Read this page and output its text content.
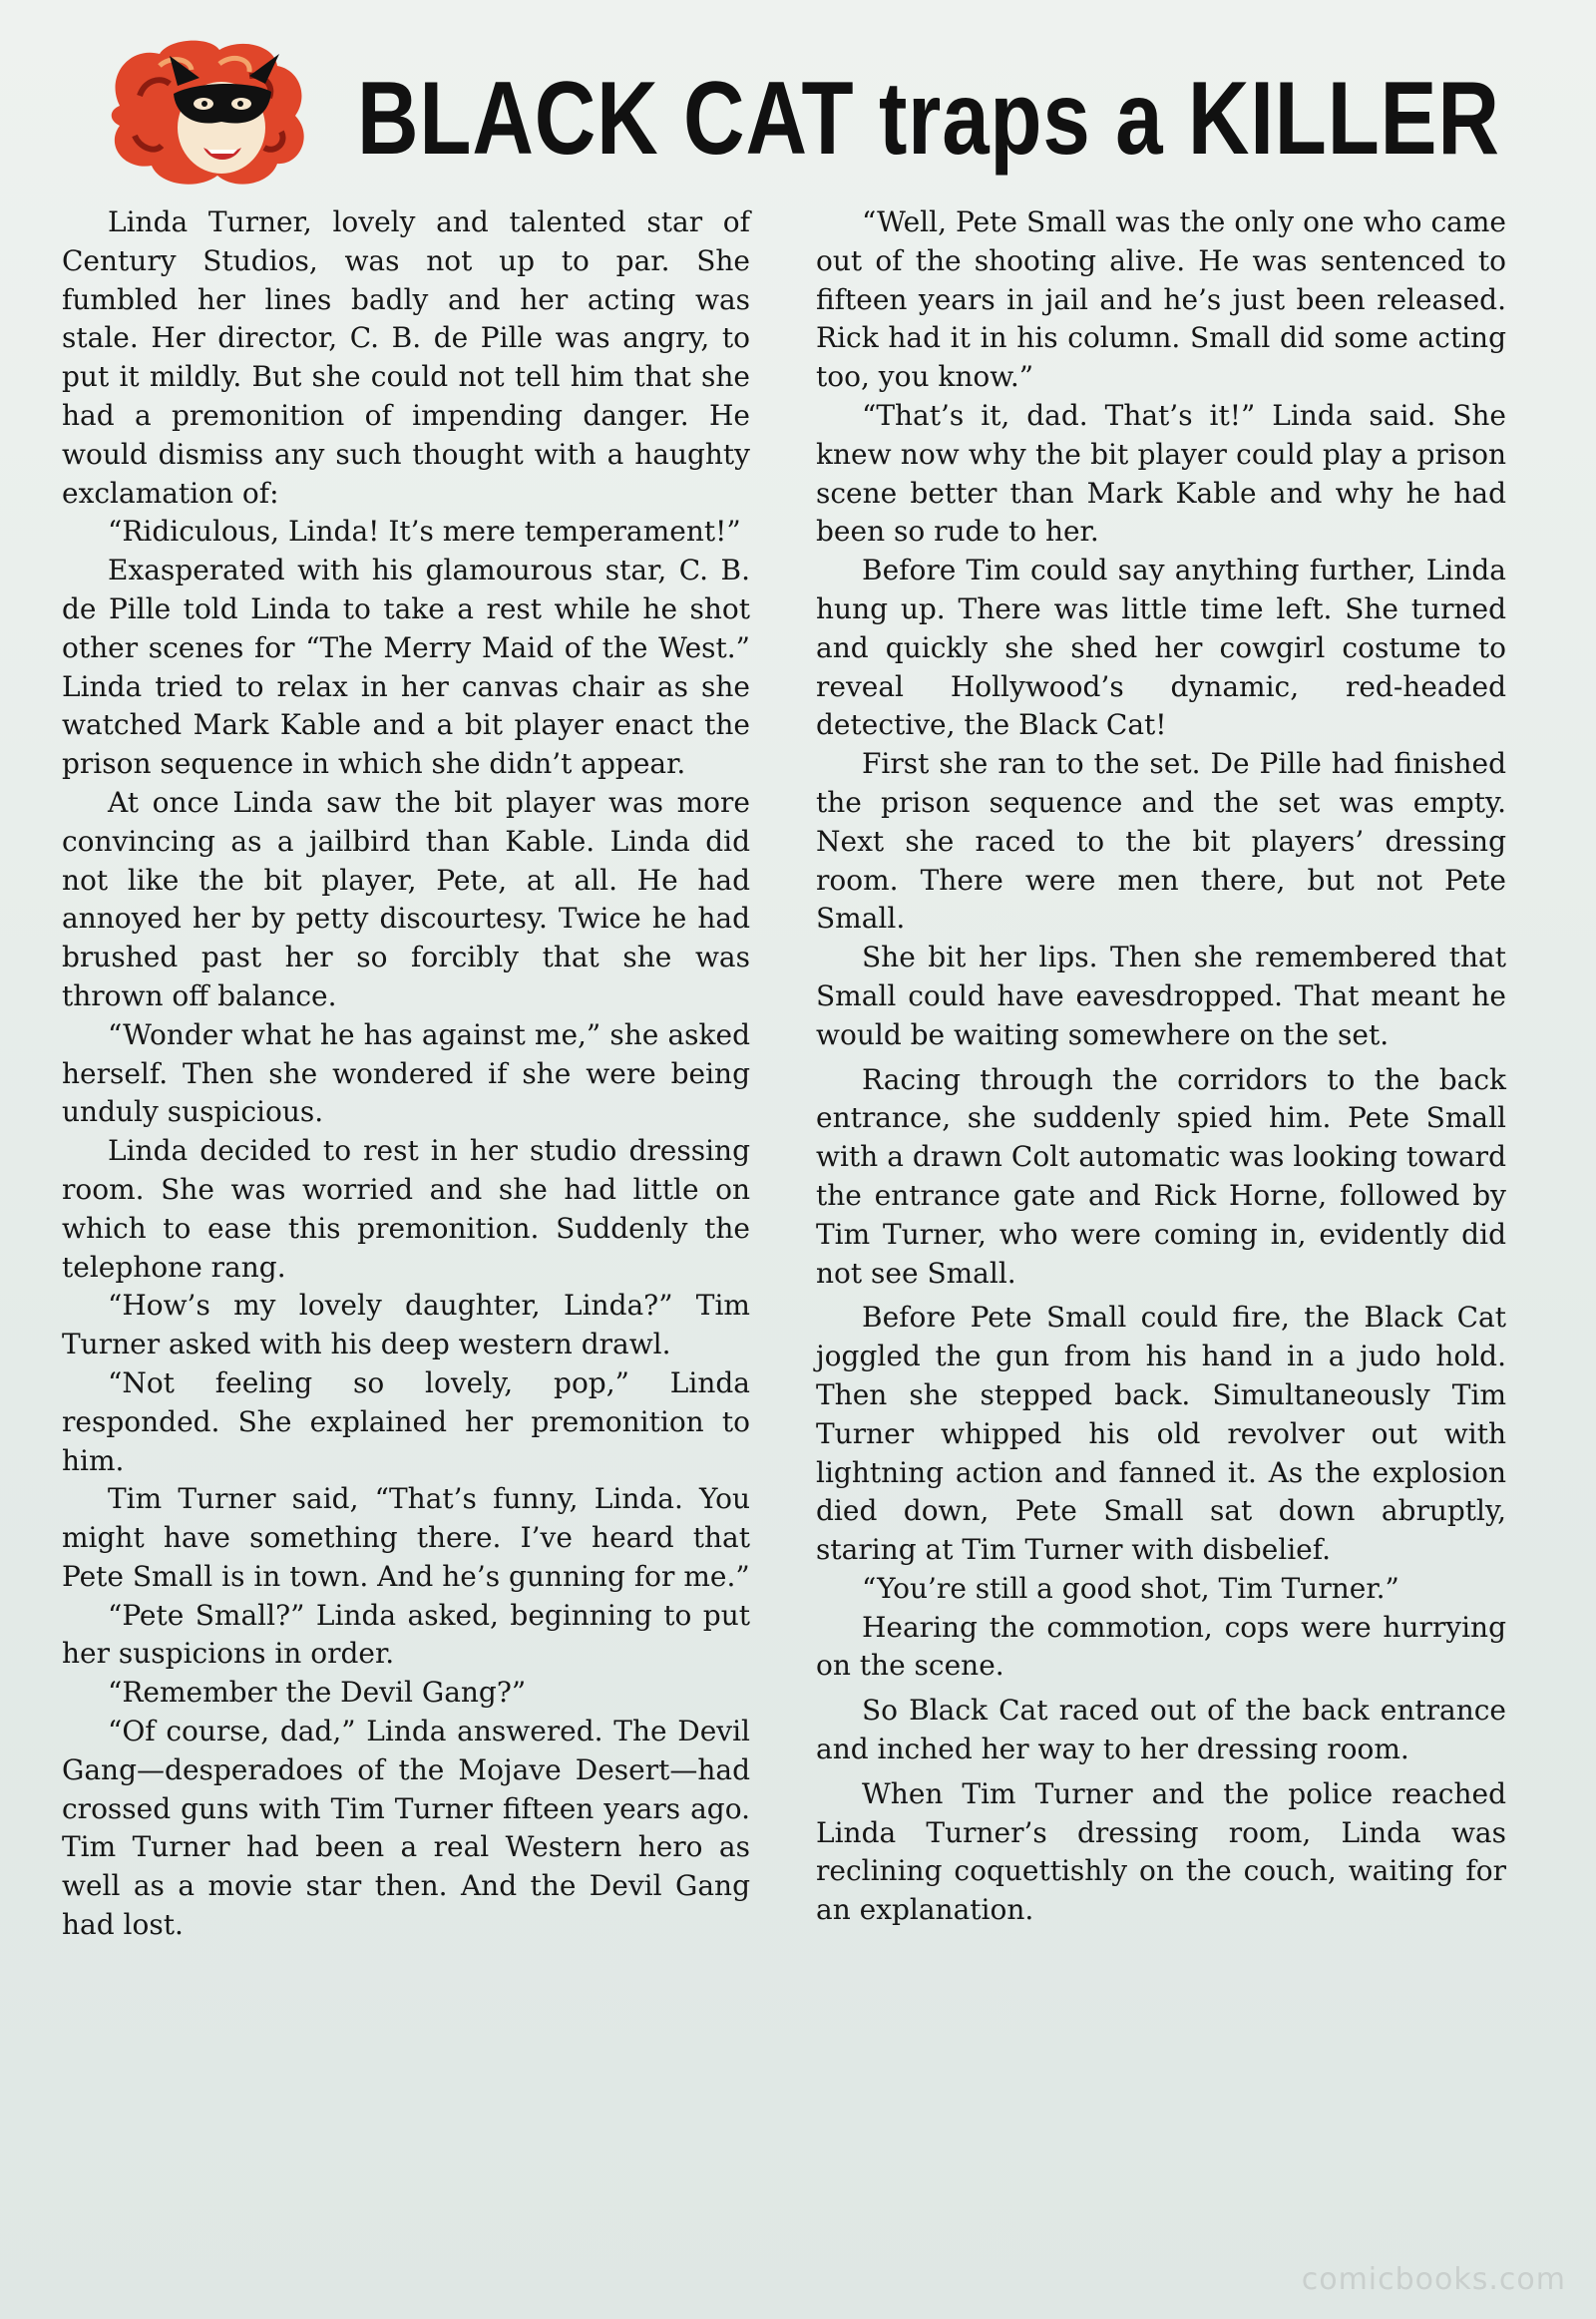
BLACK CAT traps a KILLER

Linda Turner, lovely and talented star of Century Studios, was not up to par. She fumbled her lines badly and her acting was stale. Her director, C. B. de Pille was angry, to put it mildly. But she could not tell him that she had a premonition of impending danger. He would dismiss any such thought with a haughty exclamation of:

“Ridiculous, Linda! It’s mere temperament!”

Exasperated with his glamourous star, C. B. de Pille told Linda to take a rest while he shot other scenes for “The Merry Maid of the West.” Linda tried to relax in her canvas chair as she watched Mark Kable and a bit player enact the prison sequence in which she didn’t appear.

At once Linda saw the bit player was more convincing as a jailbird than Kable. Linda did not like the bit player, Pete, at all. He had annoyed her by petty discourtesy. Twice he had brushed past her so forcibly that she was thrown off balance.

“Wonder what he has against me,” she asked herself. Then she wondered if she were being unduly suspicious.

Linda decided to rest in her studio dressing room. She was worried and she had little on which to ease this premonition. Suddenly the telephone rang.

“How’s my lovely daughter, Linda?” Tim Turner asked with his deep western drawl.

“Not feeling so lovely, pop,” Linda responded. She explained her premonition to him.

Tim Turner said, “That’s funny, Linda. You might have something there. I’ve heard that Pete Small is in town. And he’s gunning for me.”

“Pete Small?” Linda asked, beginning to put her suspicions in order.

“Remember the Devil Gang?”

“Of course, dad,” Linda answered. The Devil Gang—desperadoes of the Mojave Desert—had crossed guns with Tim Turner fifteen years ago. Tim Turner had been a real Western hero as well as a movie star then. And the Devil Gang had lost.

“Well, Pete Small was the only one who came out of the shooting alive. He was sentenced to fifteen years in jail and he’s just been released. Rick had it in his column. Small did some acting too, you know.”

“That’s it, dad. That’s it!” Linda said. She knew now why the bit player could play a prison scene better than Mark Kable and why he had been so rude to her.

Before Tim could say anything further, Linda hung up. There was little time left. She turned and quickly she shed her cowgirl costume to reveal Hollywood’s dynamic, red-headed detective, the Black Cat!

First she ran to the set. De Pille had finished the prison sequence and the set was empty. Next she raced to the bit players’ dressing room. There were men there, but not Pete Small.

She bit her lips. Then she remembered that Small could have eavesdropped. That meant he would be waiting somewhere on the set.

Racing through the corridors to the back entrance, she suddenly spied him. Pete Small with a drawn Colt automatic was looking toward the entrance gate and Rick Horne, followed by Tim Turner, who were coming in, evidently did not see Small.

Before Pete Small could fire, the Black Cat joggled the gun from his hand in a judo hold. Then she stepped back. Simultaneously Tim Turner whipped his old revolver out with lightning action and fanned it. As the explosion died down, Pete Small sat down abruptly, staring at Tim Turner with disbelief.

“You’re still a good shot, Tim Turner.”

Hearing the commotion, cops were hurrying on the scene.

So Black Cat raced out of the back entrance and inched her way to her dressing room.

When Tim Turner and the police reached Linda Turner’s dressing room, Linda was reclining coquettishly on the couch, waiting for an explanation.

comicbooks.com
